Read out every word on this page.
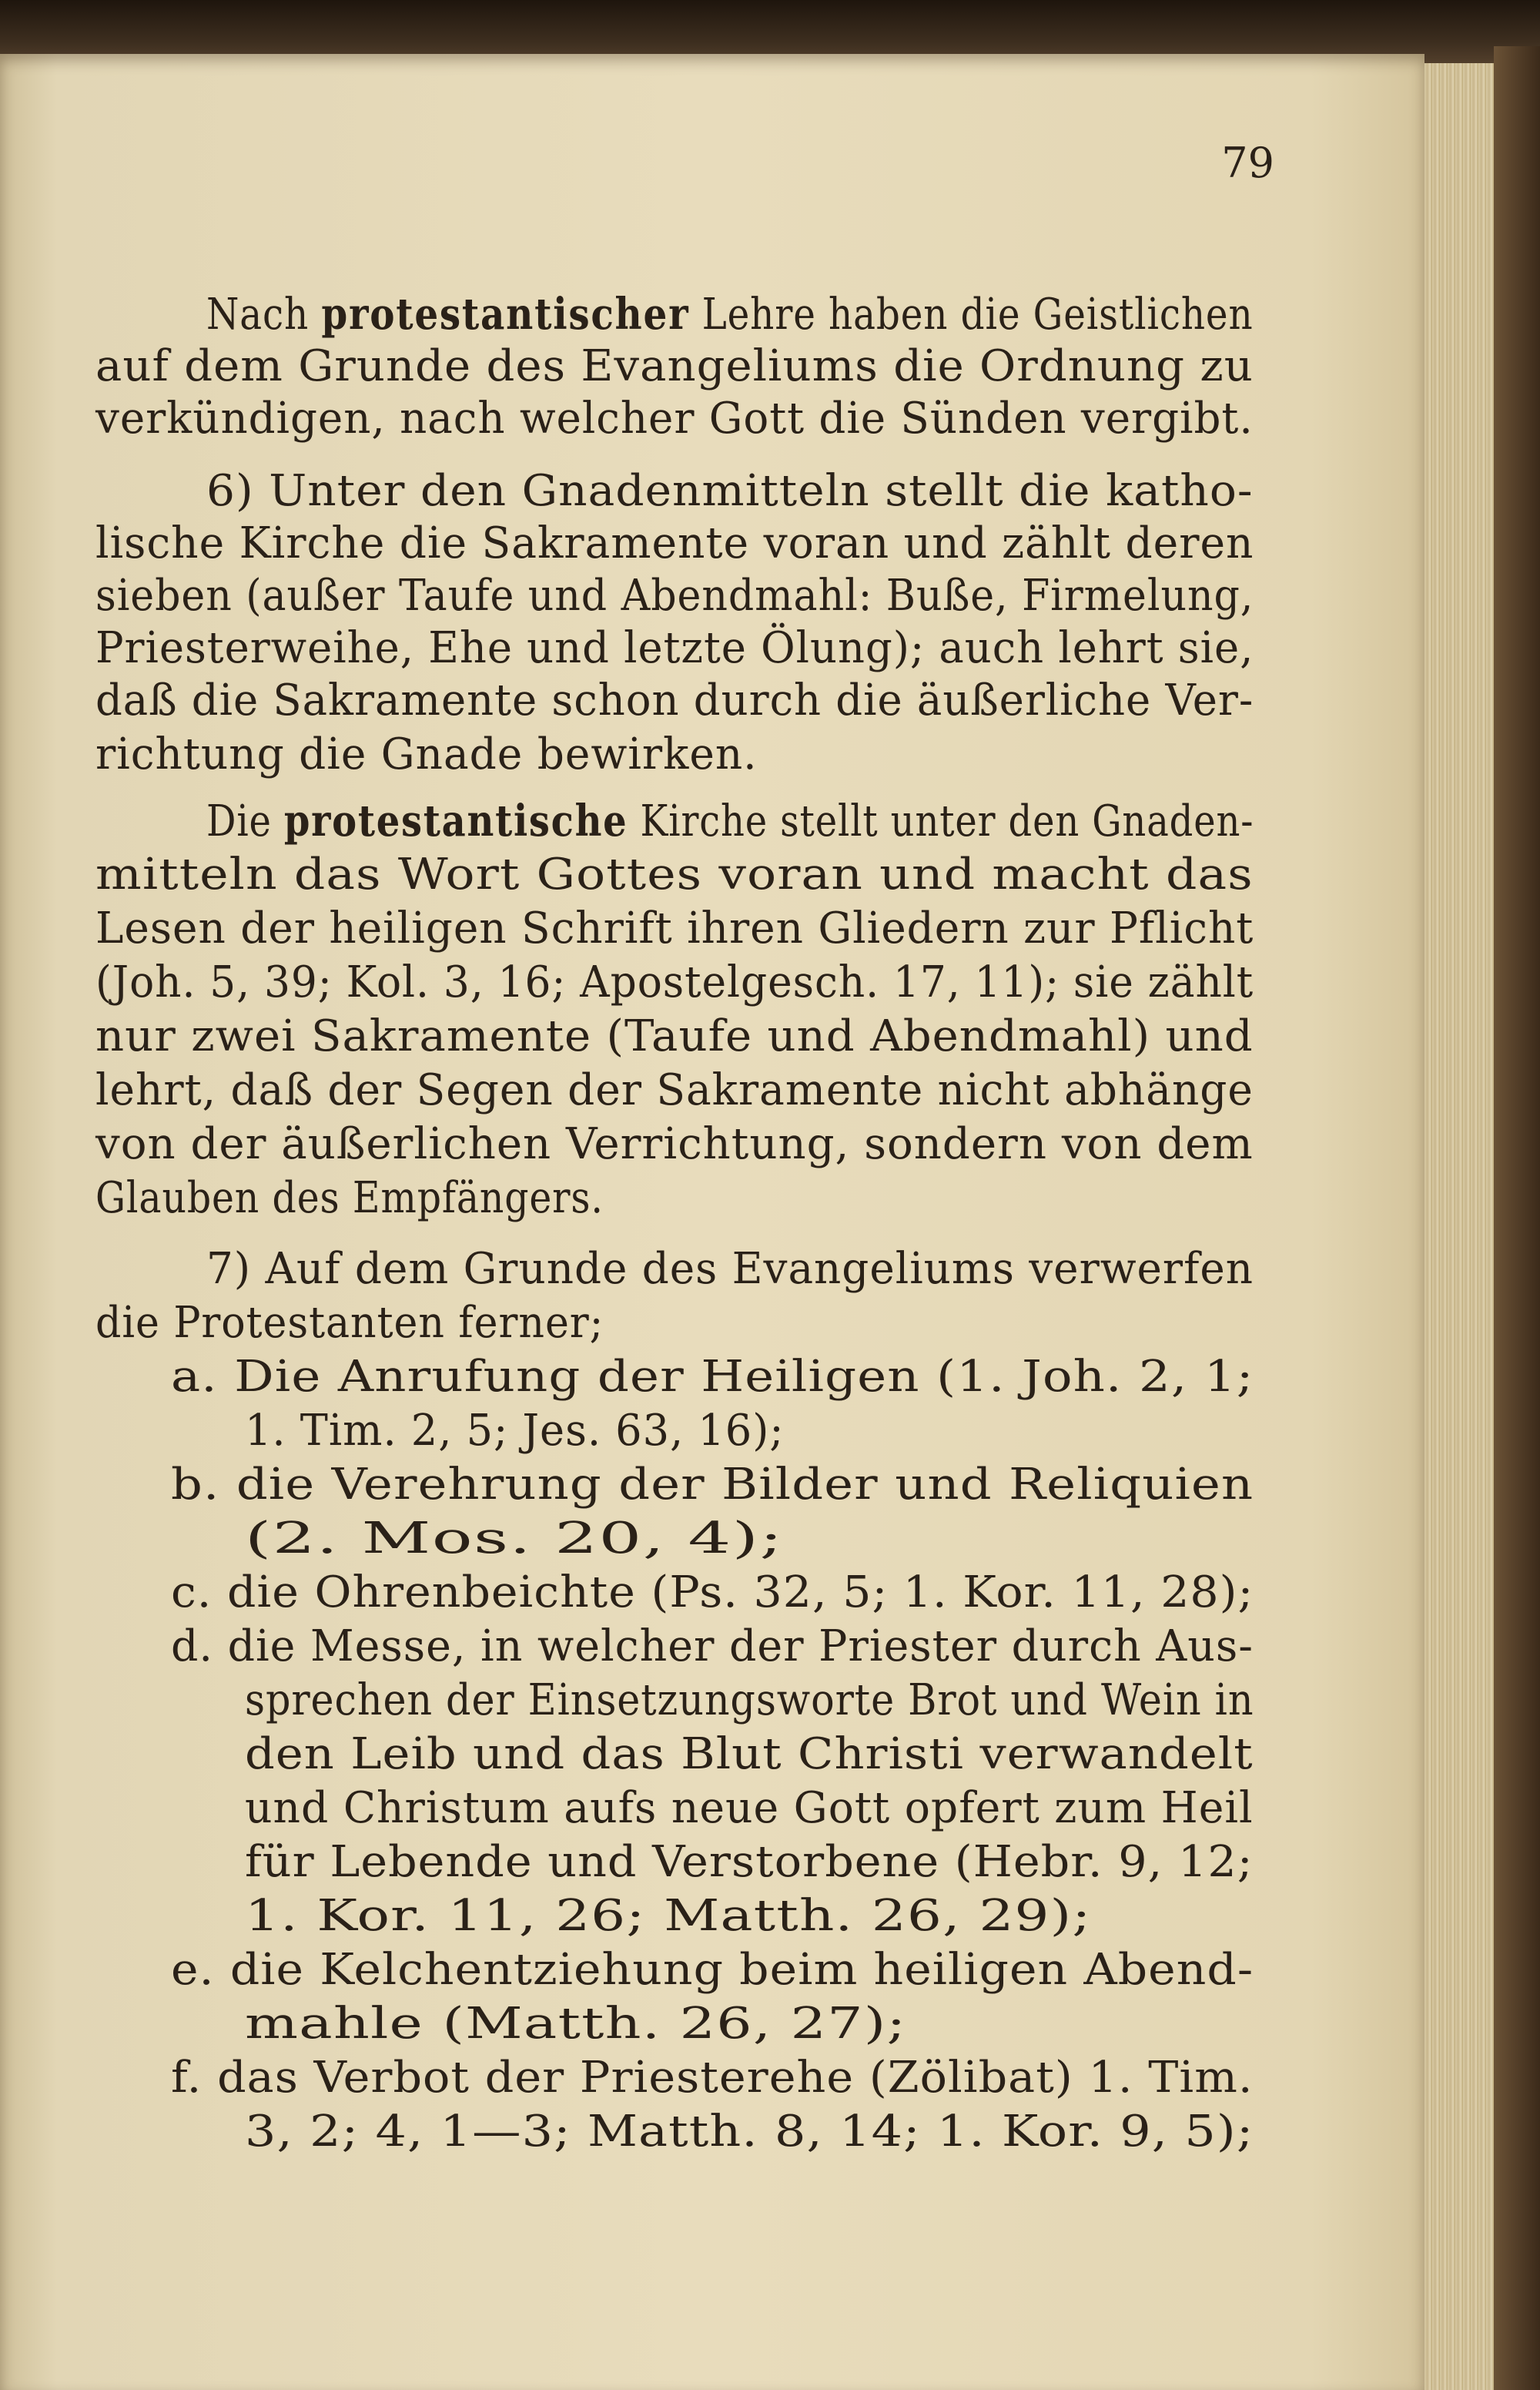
79

Nach protestantischer Lehre haben die Geistlichen

auf dem Grunde des Evangeliums die Ordnung zu

verkündigen, nach welcher Gott die Sünden vergibt.

6) Unter den Gnadenmitteln stellt die katho-

lische Kirche die Sakramente voran und zählt deren

sieben (außer Taufe und Abendmahl: Buße, Firmelung,

Priesterweihe, Ehe und letzte Ölung); auch lehrt sie,

daß die Sakramente schon durch die äußerliche Ver-

richtung die Gnade bewirken.

Die protestantische Kirche stellt unter den Gnaden-

mitteln das Wort Gottes voran und macht das

Lesen der heiligen Schrift ihren Gliedern zur Pflicht

(Joh. 5, 39; Kol. 3, 16; Apostelgesch. 17, 11); sie zählt

nur zwei Sakramente (Taufe und Abendmahl) und

lehrt, daß der Segen der Sakramente nicht abhänge

von der äußerlichen Verrichtung, sondern von dem

Glauben des Empfängers.

7) Auf dem Grunde des Evangeliums verwerfen

die Protestanten ferner;

a. Die Anrufung der Heiligen (1. Joh. 2, 1;

1. Tim. 2, 5; Jes. 63, 16);

b. die Verehrung der Bilder und Reliquien

(2. Mos. 20, 4);

c. die Ohrenbeichte (Ps. 32, 5; 1. Kor. 11, 28);

d. die Messe, in welcher der Priester durch Aus-

sprechen der Einsetzungsworte Brot und Wein in

den Leib und das Blut Christi verwandelt

und Christum aufs neue Gott opfert zum Heil

für Lebende und Verstorbene (Hebr. 9, 12;

1. Kor. 11, 26; Matth. 26, 29);

e. die Kelchentziehung beim heiligen Abend-

mahle (Matth. 26, 27);

f. das Verbot der Priesterehe (Zölibat) 1. Tim.

3, 2; 4, 1—3; Matth. 8, 14; 1. Kor. 9, 5);
